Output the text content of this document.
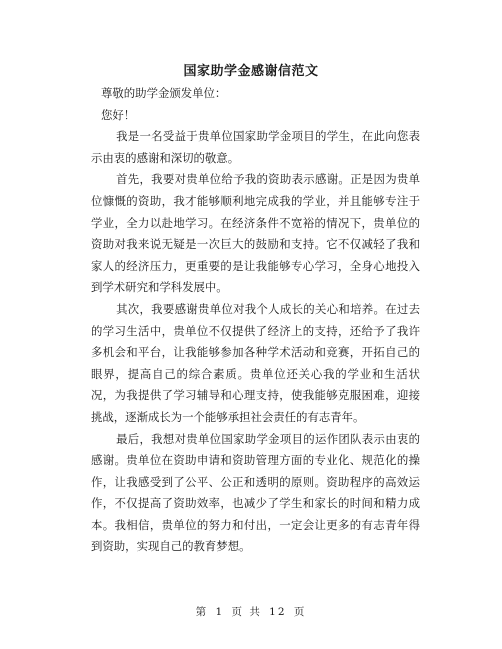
国家助学金感谢信范文

尊敬的助学金颁发单位：

您好！

我是一名受益于贵单位国家助学金项目的学生，在此向您表示由衷的感谢和深切的敬意。

首先，我要对贵单位给予我的资助表示感谢。正是因为贵单位慷慨的资助，我才能够顺利地完成我的学业，并且能够专注于学业，全力以赴地学习。在经济条件不宽裕的情况下，贵单位的资助对我来说无疑是一次巨大的鼓励和支持。它不仅减轻了我和家人的经济压力，更重要的是让我能够专心学习，全身心地投入到学术研究和学科发展中。

其次，我要感谢贵单位对我个人成长的关心和培养。在过去的学习生活中，贵单位不仅提供了经济上的支持，还给予了我许多机会和平台，让我能够参加各种学术活动和竞赛，开拓自己的眼界，提高自己的综合素质。贵单位还关心我的学业和生活状况，为我提供了学习辅导和心理支持，使我能够克服困难，迎接挑战，逐渐成长为一个能够承担社会责任的有志青年。

最后，我想对贵单位国家助学金项目的运作团队表示由衷的感谢。贵单位在资助申请和资助管理方面的专业化、规范化的操作，让我感受到了公平、公正和透明的原则。资助程序的高效运作，不仅提高了资助效率，也减少了学生和家长的时间和精力成本。我相信，贵单位的努力和付出，一定会让更多的有志青年得到资助，实现自己的教育梦想。

第 1 页 共 12 页
